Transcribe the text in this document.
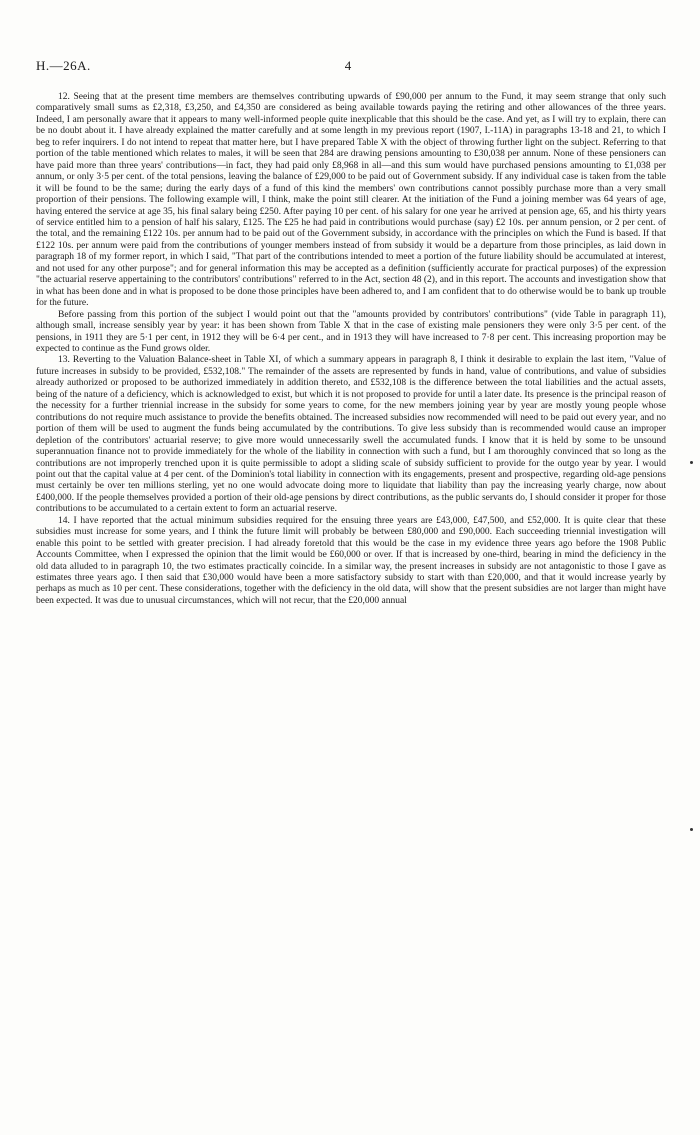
H.—26A.	4

12. Seeing that at the present time members are themselves contributing upwards of £90,000 per annum to the Fund, it may seem strange that only such comparatively small sums as £2,318, £3,250, and £4,350 are considered as being available towards paying the retiring and other allowances of the three years. Indeed, I am personally aware that it appears to many well-informed people quite inexplicable that this should be the case. And yet, as I will try to explain, there can be no doubt about it. I have already explained the matter carefully and at some length in my previous report (1907, I.-11A) in paragraphs 13-18 and 21, to which I beg to refer inquirers. I do not intend to repeat that matter here, but I have prepared Table X with the object of throwing further light on the subject. Referring to that portion of the table mentioned which relates to males, it will be seen that 284 are drawing pensions amounting to £30,038 per annum. None of these pensioners can have paid more than three years' contributions—in fact, they had paid only £8,968 in all—and this sum would have purchased pensions amounting to £1,038 per annum, or only 3·5 per cent. of the total pensions, leaving the balance of £29,000 to be paid out of Government subsidy. If any individual case is taken from the table it will be found to be the same; during the early days of a fund of this kind the members' own contributions cannot possibly purchase more than a very small proportion of their pensions. The following example will, I think, make the point still clearer. At the initiation of the Fund a joining member was 64 years of age, having entered the service at age 35, his final salary being £250. After paying 10 per cent. of his salary for one year he arrived at pension age, 65, and his thirty years of service entitled him to a pension of half his salary, £125. The £25 he had paid in contributions would purchase (say) £2 10s. per annum pension, or 2 per cent. of the total, and the remaining £122 10s. per annum had to be paid out of the Government subsidy, in accordance with the principles on which the Fund is based. If that £122 10s. per annum were paid from the contributions of younger members instead of from subsidy it would be a departure from those principles, as laid down in paragraph 18 of my former report, in which I said, "That part of the contributions intended to meet a portion of the future liability should be accumulated at interest, and not used for any other purpose"; and for general information this may be accepted as a definition (sufficiently accurate for practical purposes) of the expression "the actuarial reserve appertaining to the contributors' contributions" referred to in the Act, section 48 (2), and in this report. The accounts and investigation show that in what has been done and in what is proposed to be done those principles have been adhered to, and I am confident that to do otherwise would be to bank up trouble for the future.

Before passing from this portion of the subject I would point out that the "amounts provided by contributors' contributions" (vide Table in paragraph 11), although small, increase sensibly year by year: it has been shown from Table X that in the case of existing male pensioners they were only 3·5 per cent. of the pensions, in 1911 they are 5·1 per cent, in 1912 they will be 6·4 per cent., and in 1913 they will have increased to 7·8 per cent. This increasing proportion may be expected to continue as the Fund grows older.

13. Reverting to the Valuation Balance-sheet in Table XI, of which a summary appears in paragraph 8, I think it desirable to explain the last item, "Value of future increases in subsidy to be provided, £532,108." The remainder of the assets are represented by funds in hand, value of contributions, and value of subsidies already authorized or proposed to be authorized immediately in addition thereto, and £532,108 is the difference between the total liabilities and the actual assets, being of the nature of a deficiency, which is acknowledged to exist, but which it is not proposed to provide for until a later date. Its presence is the principal reason of the necessity for a further triennial increase in the subsidy for some years to come, for the new members joining year by year are mostly young people whose contributions do not require much assistance to provide the benefits obtained. The increased subsidies now recommended will need to be paid out every year, and no portion of them will be used to augment the funds being accumulated by the contributions. To give less subsidy than is recommended would cause an improper depletion of the contributors' actuarial reserve; to give more would unnecessarily swell the accumulated funds. I know that it is held by some to be unsound superannuation finance not to provide immediately for the whole of the liability in connection with such a fund, but I am thoroughly convinced that so long as the contributions are not improperly trenched upon it is quite permissible to adopt a sliding scale of subsidy sufficient to provide for the outgo year by year. I would point out that the capital value at 4 per cent. of the Dominion's total liability in connection with its engagements, present and prospective, regarding old-age pensions must certainly be over ten millions sterling, yet no one would advocate doing more to liquidate that liability than pay the increasing yearly charge, now about £400,000. If the people themselves provided a portion of their old-age pensions by direct contributions, as the public servants do, I should consider it proper for those contributions to be accumulated to a certain extent to form an actuarial reserve.

14. I have reported that the actual minimum subsidies required for the ensuing three years are £43,000, £47,500, and £52,000. It is quite clear that these subsidies must increase for some years, and I think the future limit will probably be between £80,000 and £90,000. Each succeeding triennial investigation will enable this point to be settled with greater precision. I had already foretold that this would be the case in my evidence three years ago before the 1908 Public Accounts Committee, when I expressed the opinion that the limit would be £60,000 or over. If that is increased by one-third, bearing in mind the deficiency in the old data alluded to in paragraph 10, the two estimates practically coincide. In a similar way, the present increases in subsidy are not antagonistic to those I gave as estimates three years ago. I then said that £30,000 would have been a more satisfactory subsidy to start with than £20,000, and that it would increase yearly by perhaps as much as 10 per cent. These considerations, together with the deficiency in the old data, will show that the present subsidies are not larger than might have been expected. It was due to unusual circumstances, which will not recur, that the £20,000 annual
